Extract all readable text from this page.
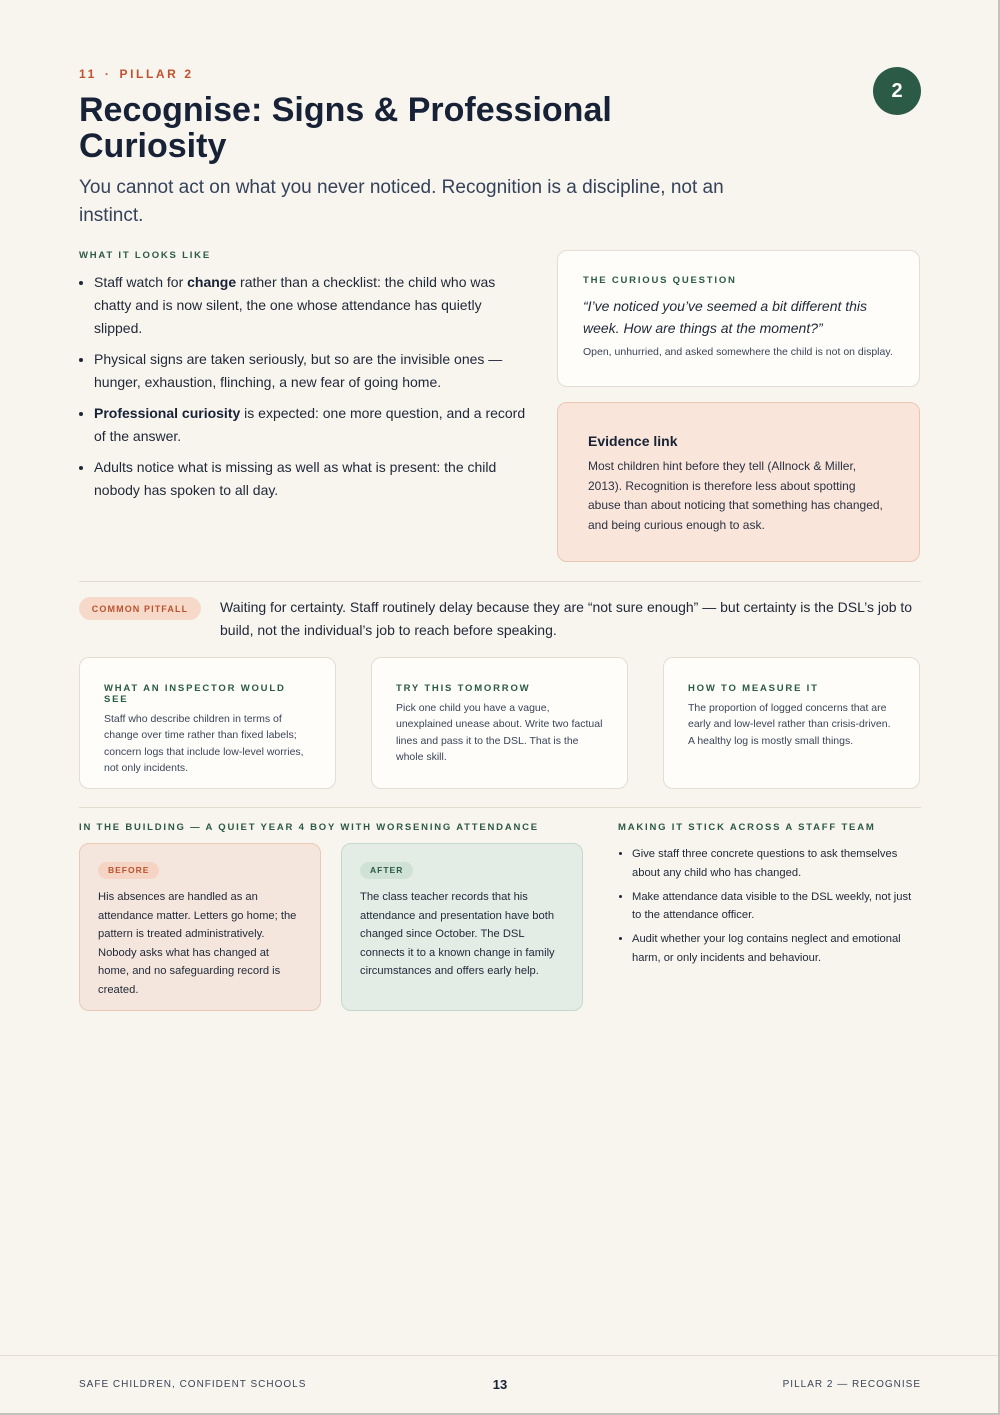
11 · PILLAR 2
Recognise: Signs & Professional Curiosity
2

You cannot act on what you never noticed. Recognition is a discipline, not an instinct.

WHAT IT LOOKS LIKE
• Staff watch for change rather than a checklist: the child who was chatty and is now silent, the one whose attendance has quietly slipped.
• Physical signs are taken seriously, but so are the invisible ones — hunger, exhaustion, flinching, a new fear of going home.
• Professional curiosity is expected: one more question, and a record of the answer.
• Adults notice what is missing as well as what is present: the child nobody has spoken to all day.
THE CURIOUS QUESTION
“I’ve noticed you’ve seemed a bit different this week. How are things at the moment?”
Open, unhurried, and asked somewhere the child is not on display.
Evidence link
Most children hint before they tell (Allnock & Miller, 2013). Recognition is therefore less about spotting abuse than about noticing that something has changed, and being curious enough to ask.
COMMON PITFALL	Waiting for certainty. Staff routinely delay because they are “not sure enough” — but certainty is the DSL’s job to build, not the individual’s job to reach before speaking.
WHAT AN INSPECTOR WOULD SEE
Staff who describe children in terms of change over time rather than fixed labels; concern logs that include low-level worries, not only incidents.
TRY THIS TOMORROW
Pick one child you have a vague, unexplained unease about. Write two factual lines and pass it to the DSL. That is the whole skill.
HOW TO MEASURE IT
The proportion of logged concerns that are early and low-level rather than crisis-driven. A healthy log is mostly small things.
IN THE BUILDING — A QUIET YEAR 4 BOY WITH WORSENING ATTENDANCE
BEFORE
His absences are handled as an attendance matter. Letters go home; the pattern is treated administratively. Nobody asks what has changed at home, and no safeguarding record is created.
AFTER
The class teacher records that his attendance and presentation have both changed since October. The DSL connects it to a known change in family circumstances and offers early help.
MAKING IT STICK ACROSS A STAFF TEAM
• Give staff three concrete questions to ask themselves about any child who has changed.
• Make attendance data visible to the DSL weekly, not just to the attendance officer.
• Audit whether your log contains neglect and emotional harm, or only incidents and behaviour.
SAFE CHILDREN, CONFIDENT SCHOOLS	13	PILLAR 2 — RECOGNISE
